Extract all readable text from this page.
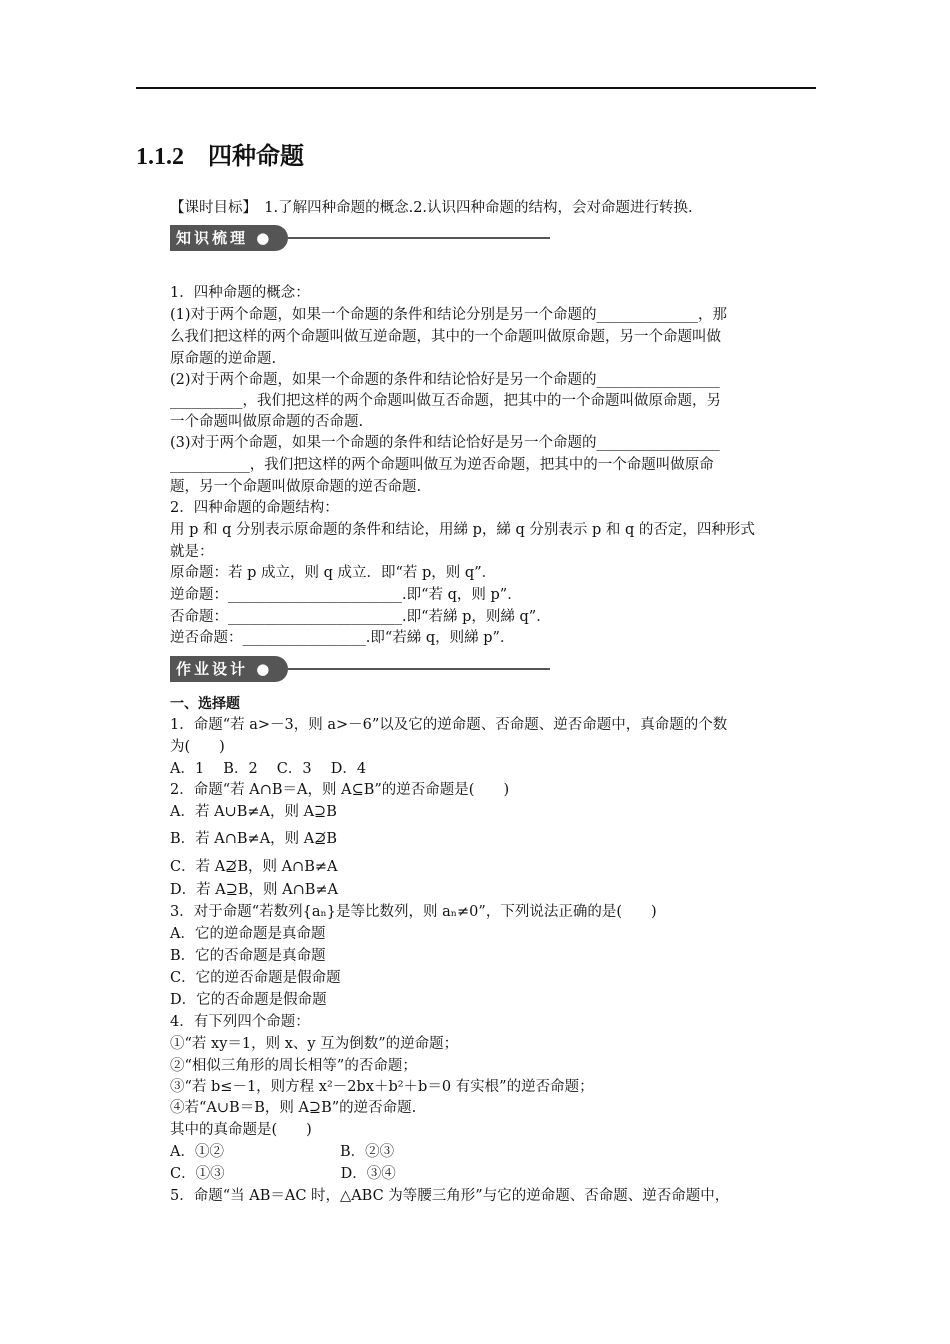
1.1.2　四种命题
【课时目标】　1.了解四种命题的概念.2.认识四种命题的结构，会对命题进行转换.
知识梳理 ●
1．四种命题的概念：
(1)对于两个命题，如果一个命题的条件和结论分别是另一个命题的______________，那
么我们把这样的两个命题叫做互逆命题，其中的一个命题叫做原命题，另一个命题叫做
原命题的逆命题.
(2)对于两个命题，如果一个命题的条件和结论恰好是另一个命题的_________________
__________，我们把这样的两个命题叫做互否命题，把其中的一个命题叫做原命题，另
一个命题叫做原命题的否命题.
(3)对于两个命题，如果一个命题的条件和结论恰好是另一个命题的_________________
___________，我们把这样的两个命题叫做互为逆否命题，把其中的一个命题叫做原命
题，另一个命题叫做原命题的逆否命题.
2．四种命题的命题结构：
用 p 和 q 分别表示原命题的条件和结论，用綈 p，綈 q 分别表示 p 和 q 的否定，四种形式
就是：
原命题：若 p 成立，则 q 成立．即“若 p，则 q”．
逆命题：________________________.即“若 q，则 p”．
否命题：________________________.即“若綈 p，则綈 q”．
逆否命题：_________________.即“若綈 q，则綈 p”．
作业设计 ●
一、选择题
1．命题“若 a>－3，则 a>－6”以及它的逆命题、否命题、逆否命题中，真命题的个数
为(　　)
A．1　 B．2　 C．3　 D．4
2．命题“若 A∩B＝A，则 A⊆B”的逆否命题是(　　)
A．若 A∪B≠A，则 A⊇B
B．若 A∩B≠A，则 A⊉B
C．若 A⊉B，则 A∩B≠A
D．若 A⊇B，则 A∩B≠A
3．对于命题“若数列{aₙ}是等比数列，则 aₙ≠0”，下列说法正确的是(　　)
A．它的逆命题是真命题
B．它的否命题是真命题
C．它的逆否命题是假命题
D．它的否命题是假命题
4．有下列四个命题：
①“若 xy＝1，则 x、y 互为倒数”的逆命题；
②“相似三角形的周长相等”的否命题；
③“若 b≤－1，则方程 x²－2bx＋b²＋b＝0 有实根”的逆否命题；
④若“A∪B＝B，则 A⊇B”的逆否命题.
其中的真命题是(　　)
A．①②　　　　　　　　B．②③
C．①③　　　　　　　　D．③④
5．命题“当 AB＝AC 时，△ABC 为等腰三角形”与它的逆命题、否命题、逆否命题中，
